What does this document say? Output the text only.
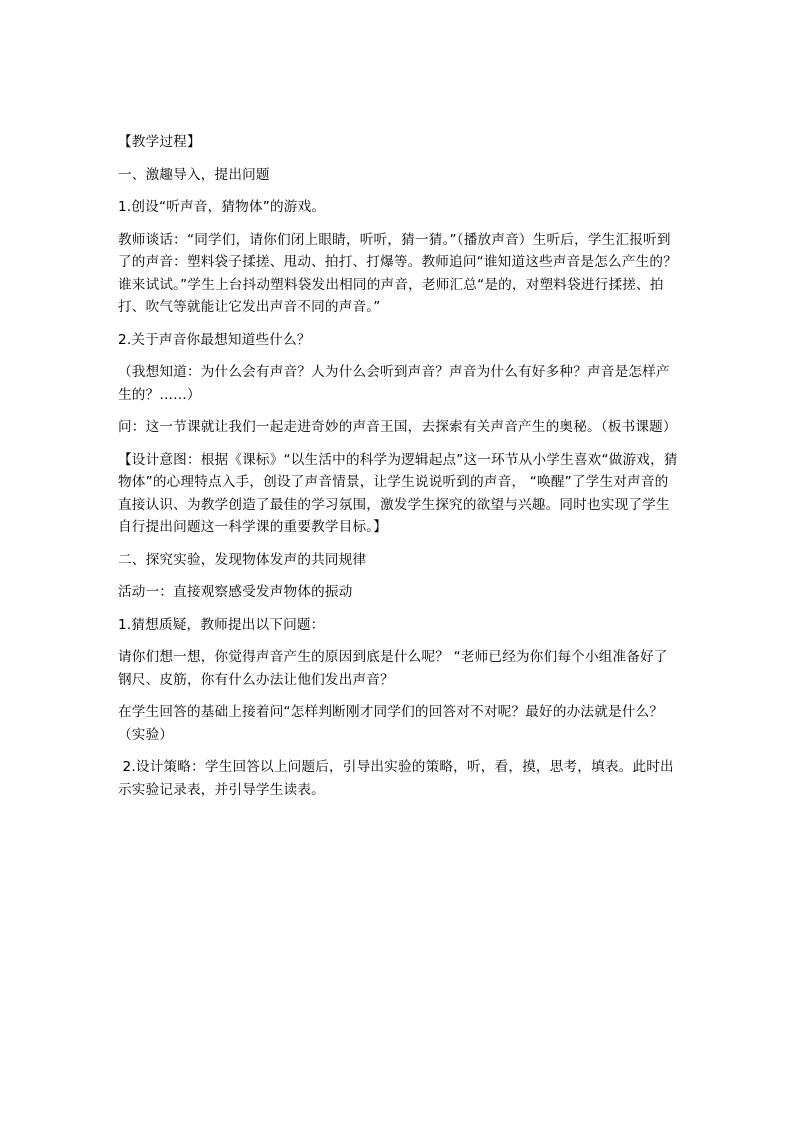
【教学过程】

一、激趣导入，提出问题

1.创设“听声音，猜物体”的游戏。

教师谈话：“同学们，请你们闭上眼睛，听听，猜一猜。”（播放声音）生听后，学生汇报听到了的声音：塑料袋子揉搓、甩动、拍打、打爆等。教师追问“谁知道这些声音是怎么产生的？谁来试试。”学生上台抖动塑料袋发出相同的声音，老师汇总“是的，对塑料袋进行揉搓、拍打、吹气等就能让它发出声音不同的声音。”

2.关于声音你最想知道些什么？

（我想知道：为什么会有声音？人为什么会听到声音？声音为什么有好多种？声音是怎样产生的？……）

问：这一节课就让我们一起走进奇妙的声音王国，去探索有关声音产生的奥秘。（板书课题）

【设计意图：根据《课标》“以生活中的科学为逻辑起点”这一环节从小学生喜欢“做游戏，猜物体”的心理特点入手，创设了声音情景，让学生说说听到的声音， “唤醒”了学生对声音的直接认识、为教学创造了最佳的学习氛围，激发学生探究的欲望与兴趣。同时也实现了学生自行提出问题这一科学课的重要教学目标。】

二、探究实验，发现物体发声的共同规律

活动一：直接观察感受发声物体的振动

1.猜想质疑，教师提出以下问题：

请你们想一想，你觉得声音产生的原因到底是什么呢？ “老师已经为你们每个小组准备好了钢尺、皮筋，你有什么办法让他们发出声音？

在学生回答的基础上接着问“怎样判断刚才同学们的回答对不对呢？最好的办法就是什么？（实验）

2.设计策略：学生回答以上问题后，引导出实验的策略，听，看，摸，思考，填表。此时出示实验记录表，并引导学生读表。
